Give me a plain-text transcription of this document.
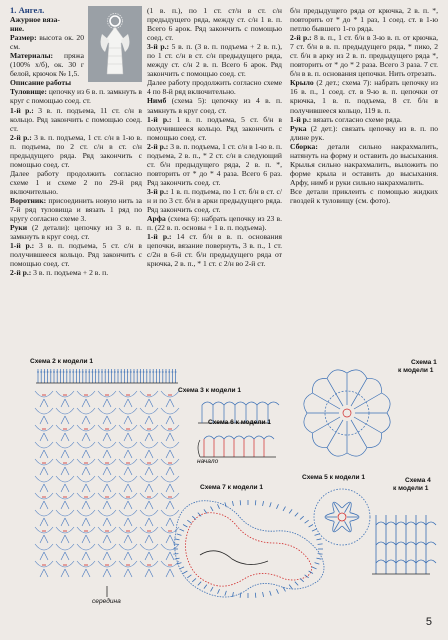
1. Ангел.

Ажурное вяза-

ние.

Размер: высота ок. 20 см.

Материалы: пряжа (100% х/б), ок. 30 г белой, крючок № 1,5.

Описание работы

Туловище: цепочку из 6 в. п. замкнуть в круг с помощью соед. ст.

1-й р.: 3 в. п. подъема, 11 ст. с/н в кольцо. Ряд закончить с помощью соед. ст.

2-й р.: 3 в. п. подъема, 1 ст. с/н в 1-ю в. п. подъема, по 2 ст. с/н в ст. с/н предыдущего ряда. Ряд закончить с помощью соед. ст.

Далее работу продолжить согласно схеме 1 и схеме 2 по 29-й ряд включительно.

Воротник: присоединить новую нить за 7-й ряд туловища и вязать 1 ряд по кругу согласно схеме 3.

Руки (2 детали): цепочку из 3 в. п. замкнуть в круг соед. ст.

1-й р.: 3 в. п. подъема, 5 ст. с/н в получившееся кольцо. Ряд закончить с помощью соед. ст.

2-й р.: 3 в. п. подъема + 2 в. п.

(1 в. п.), по 1 ст. ст/н в ст. с/н предыдущего ряда, между ст. с/н 1 в. п. Всего 6 арок. Ряд закончить с помощью соед. ст.

3-й р.: 5 в. п. (3 в. п. подъема + 2 в. п.), по 1 ст. с/н в ст. с/н предыдущего ряда, между ст. с/н 2 в. п. Всего 6 арок. Ряд закончить с помощью соед. ст.

Далее работу продолжить согласно схеме 4 по 8-й ряд включительно.

Нимб (схема 5): цепочку из 4 в. п. замкнуть в круг соед. ст.

1-й р.: 1 в. п. подъема, 5 ст. б/н в получившееся кольцо. Ряд закончить с помощью соед. ст.

2-й р.: 3 в. п. подъема, 1 ст. с/н в 1-ю в. п. подъема, 2 в. п., * 2 ст. с/н в следующий ст. б/н предыдущего ряда, 2 в. п. *, повторить от * до * 4 раза. Всего 6 раз. Ряд закончить соед. ст.

3-й р.: 1 в. п. подъема, по 1 ст. б/н в ст. с/н и по 3 ст. б/н в арки предыдущего ряда. Ряд закончить соед. ст.

Арфа (схема 6): набрать цепочку из 23 в. п. (22 в. п. основы + 1 в. п. подъема).

1-й р.: 14 ст. б/н в в. п. основания цепочки, вязание повернуть, 3 в. п., 1 ст. с/2н в 6-й ст. б/н предыдущего ряда от крючка, 2 в. п., * 1 ст. с 2/н во 2-й ст.

б/н предыдущего ряда от крючка, 2 в. п. *, повторить от * до * 1 раз, 1 соед. ст. в 1-ю петлю бывшего 1-го ряда.

2-й р.: 8 в. п., 1 ст. б/н в 3-ю в. п. от крючка, 7 ст. б/н в в. п. предыдущего ряда, * пико, 2 ст. б/н в арку из 2 в. п. предыдущего ряда *, повторить от * до * 2 раза. Всего 3 раза. 7 ст. б/н в в. п. основания цепочки. Нить отрезать.

Крыло (2 дет.; схема 7): набрать цепочку из 16 в. п., 1 соед. ст. в 9-ю в. п. цепочки от крючка, 1 в. п. подъема, 8 ст. б/н в получившееся кольцо, 119 в. п.

1-й р.: вязать согласно схеме ряда.

Рука (2 дет.): связать цепочку из в. п. по длине рук.

Сборка: детали сильно накрахмалить, натянуть на форму и оставить до высыхания. Крылья сильно накрахмалить, выложить по форме крыла и оставить до высыхания. Арфу, нимб и руки сильно накрахмалить.

Все детали приклеить с помощью жидких гвоздей к туловищу (см. фото).

Схема 2 к модели 1
Схема 3 к модели 1
Схема 6 к модели 1
начало
Схема 7 к модели 1
Схема 1
к модели 1
Схема 5 к модели 1	Схема 4
к модели 1
середина
5
